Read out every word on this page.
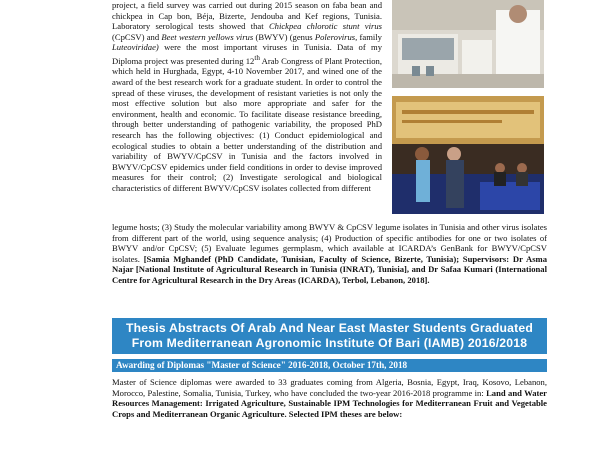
project, a field survey was carried out during 2015 season on faba bean and chickpea in Cap bon, Béja, Bizerte, Jendouba and Kef regions, Tunisia. Laboratory serological tests showed that Chickpea chlorotic stunt virus (CpCSV) and Beet western yellows virus (BWYV) (genus Polerovirus, family Luteoviridae) were the most important viruses in Tunisia. Data of my Diploma project was presented during 12th Arab Congress of Plant Protection, which held in Hurghada, Egypt, 4-10 November 2017, and wined one of the award of the best research work for a graduate student. In order to control the spread of these viruses, the development of resistant varieties is not only the most effective solution but also more appropriate and safer for the environment, health and economic. To facilitate disease resistance breeding, through better understanding of pathogenic variability, the proposed PhD research has the following objectives: (1) Conduct epidemiological and ecological studies to obtain a better understanding of the distribution and variability of BWYV/CpCSV in Tunisia and the factors involved in BWYV/CpCSV epidemics under field conditions in order to devise improved measures for their control; (2) Investigate serological and biological characteristics of different BWYV/CpCSV isolates collected from different

legume hosts; (3) Study the molecular variability among BWYV & CpCSV legume isolates in Tunisia and other virus isolates from different part of the world, using sequence analysis; (4) Production of specific antibodies for one or two isolates of BWYV and/or CpCSV; (5) Evaluate legumes germplasm, which available at ICARDA’s GenBank for BWYV/CpCSV isolates. [Samia Mghandef (PhD Candidate, Tunisian, Faculty of Science, Bizerte, Tunisia); Supervisors: Dr Asma Najar [National Institute of Agricultural Research in Tunisia (INRAT), Tunisia], and Dr Safaa Kumari (International Centre for Agricultural Research in the Dry Areas (ICARDA), Terbol, Lebanon, 2018].

Thesis Abstracts Of Arab And Near East Master Students Graduated
From Mediterranean Agronomic Institute Of Bari (IAMB) 2016/2018
Awarding of Diplomas "Master of Science" 2016-2018, October 17th, 2018

Master of Science diplomas were awarded to 33 graduates coming from Algeria, Bosnia, Egypt, Iraq, Kosovo, Lebanon, Morocco, Palestine, Somalia, Tunisia, Turkey, who have concluded the two-year 2016-2018 programme in: Land and Water Resources Management: Irrigated Agriculture, Sustainable IPM Technologies for Mediterranean Fruit and Vegetable Crops and Mediterranean Organic Agriculture. Selected IPM theses are below:
